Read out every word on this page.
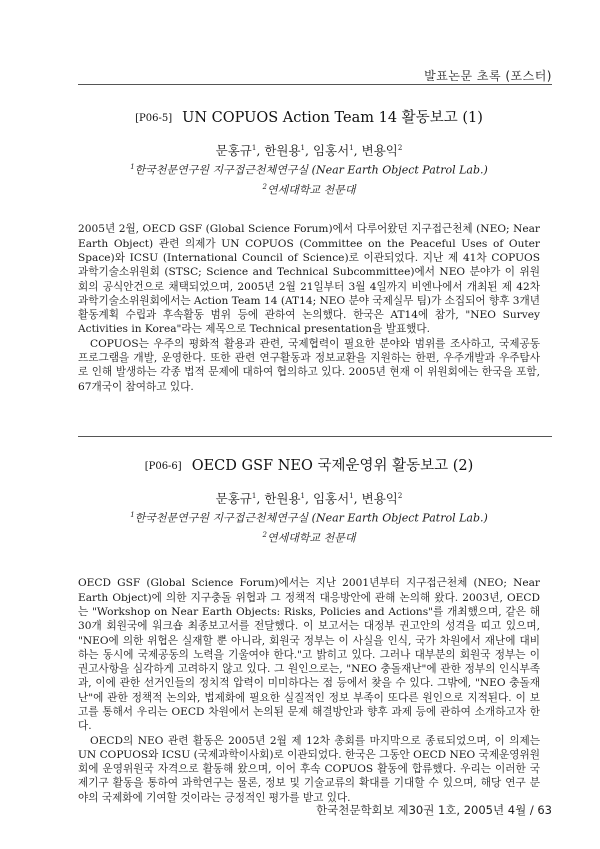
발표논문 초록 (포스터)
[P06-5] UN COPUOS Action Team 14 활동보고 (1)
문홍규$^1$, 한원용$^1$, 임홍서$^1$, 변용익$^2$
$^1$한국천문연구원 지구접근천체연구실 (Near Earth Object Patrol Lab.)
$^2$연세대학교 천문대

2005년 2월, OECD GSF (Global Science Forum)에서 다루어왔던 지구접근천체 (NEO; Near Earth Object) 관련 의제가 UN COPUOS (Committee on the Peaceful Uses of Outer Space)와 ICSU (International Council of Science)로 이관되었다. 지난 제 41차 COPUOS 과학기술소위원회 (STSC; Science and Technical Subcommittee)에서 NEO 분야가 이 위원회의 공식안건으로 채택되었으며, 2005년 2월 21일부터 3월 4일까지 비엔나에서 개최된 제 42차 과학기술소위원회에서는 Action Team 14 (AT14; NEO 분야 국제실무 팀)가 소집되어 향후 3개년 활동계획 수립과 후속활동 범위 등에 관하여 논의했다. 한국은 AT14에 참가, "NEO Survey Activities in Korea"라는 제목으로 Technical presentation을 발표했다.

COPUOS는 우주의 평화적 활용과 관련, 국제협력이 필요한 분야와 범위를 조사하고, 국제공동 프로그램을 개발, 운영한다. 또한 관련 연구활동과 정보교환을 지원하는 한편, 우주개발과 우주탐사로 인해 발생하는 각종 법적 문제에 대하여 협의하고 있다. 2005년 현재 이 위원회에는 한국을 포함, 67개국이 참여하고 있다.

[P06-6] OECD GSF NEO 국제운영위 활동보고 (2)
문홍규$^1$, 한원용$^1$, 임홍서$^1$, 변용익$^2$
$^1$한국천문연구원 지구접근천체연구실 (Near Earth Object Patrol Lab.)
$^2$연세대학교 천문대

OECD GSF (Global Science Forum)에서는 지난 2001년부터 지구접근천체 (NEO; Near Earth Object)에 의한 지구충돌 위협과 그 정책적 대응방안에 관해 논의해 왔다. 2003년, OECD는 "Workshop on Near Earth Objects: Risks, Policies and Actions"를 개최했으며, 같은 해 30개 회원국에 워크숍 최종보고서를 전달했다. 이 보고서는 대정부 권고안의 성격을 띠고 있으며, "NEO에 의한 위협은 실재할 뿐 아니라, 회원국 정부는 이 사실을 인식, 국가 차원에서 재난에 대비하는 동시에 국제공동의 노력을 기울여야 한다."고 밝히고 있다. 그러나 대부분의 회원국 정부는 이 권고사항을 심각하게 고려하지 않고 있다. 그 원인으로는, "NEO 충돌재난"에 관한 정부의 인식부족과, 이에 관한 선거인들의 정치적 압력이 미미하다는 점 등에서 찾을 수 있다. 그밖에, "NEO 충돌재난"에 관한 정책적 논의와, 법제화에 필요한 실질적인 정보 부족이 또다른 원인으로 지적된다. 이 보고를 통해서 우리는 OECD 차원에서 논의된 문제 해결방안과 향후 과제 등에 관하여 소개하고자 한다.

OECD의 NEO 관련 활동은 2005년 2월 제 12차 총회를 마지막으로 종료되었으며, 이 의제는 UN COPUOS와 ICSU (국제과학이사회)로 이관되었다. 한국은 그동안 OECD NEO 국제운영위원회에 운영위원국 자격으로 활동해 왔으며, 이어 후속 COPUOS 활동에 합류했다. 우리는 이러한 국제기구 활동을 통하여 과학연구는 물론, 정보 및 기술교류의 확대를 기대할 수 있으며, 해당 연구 분야의 국제화에 기여할 것이라는 긍정적인 평가를 받고 있다.

한국천문학회보 제30권 1호, 2005년 4월 / 63
